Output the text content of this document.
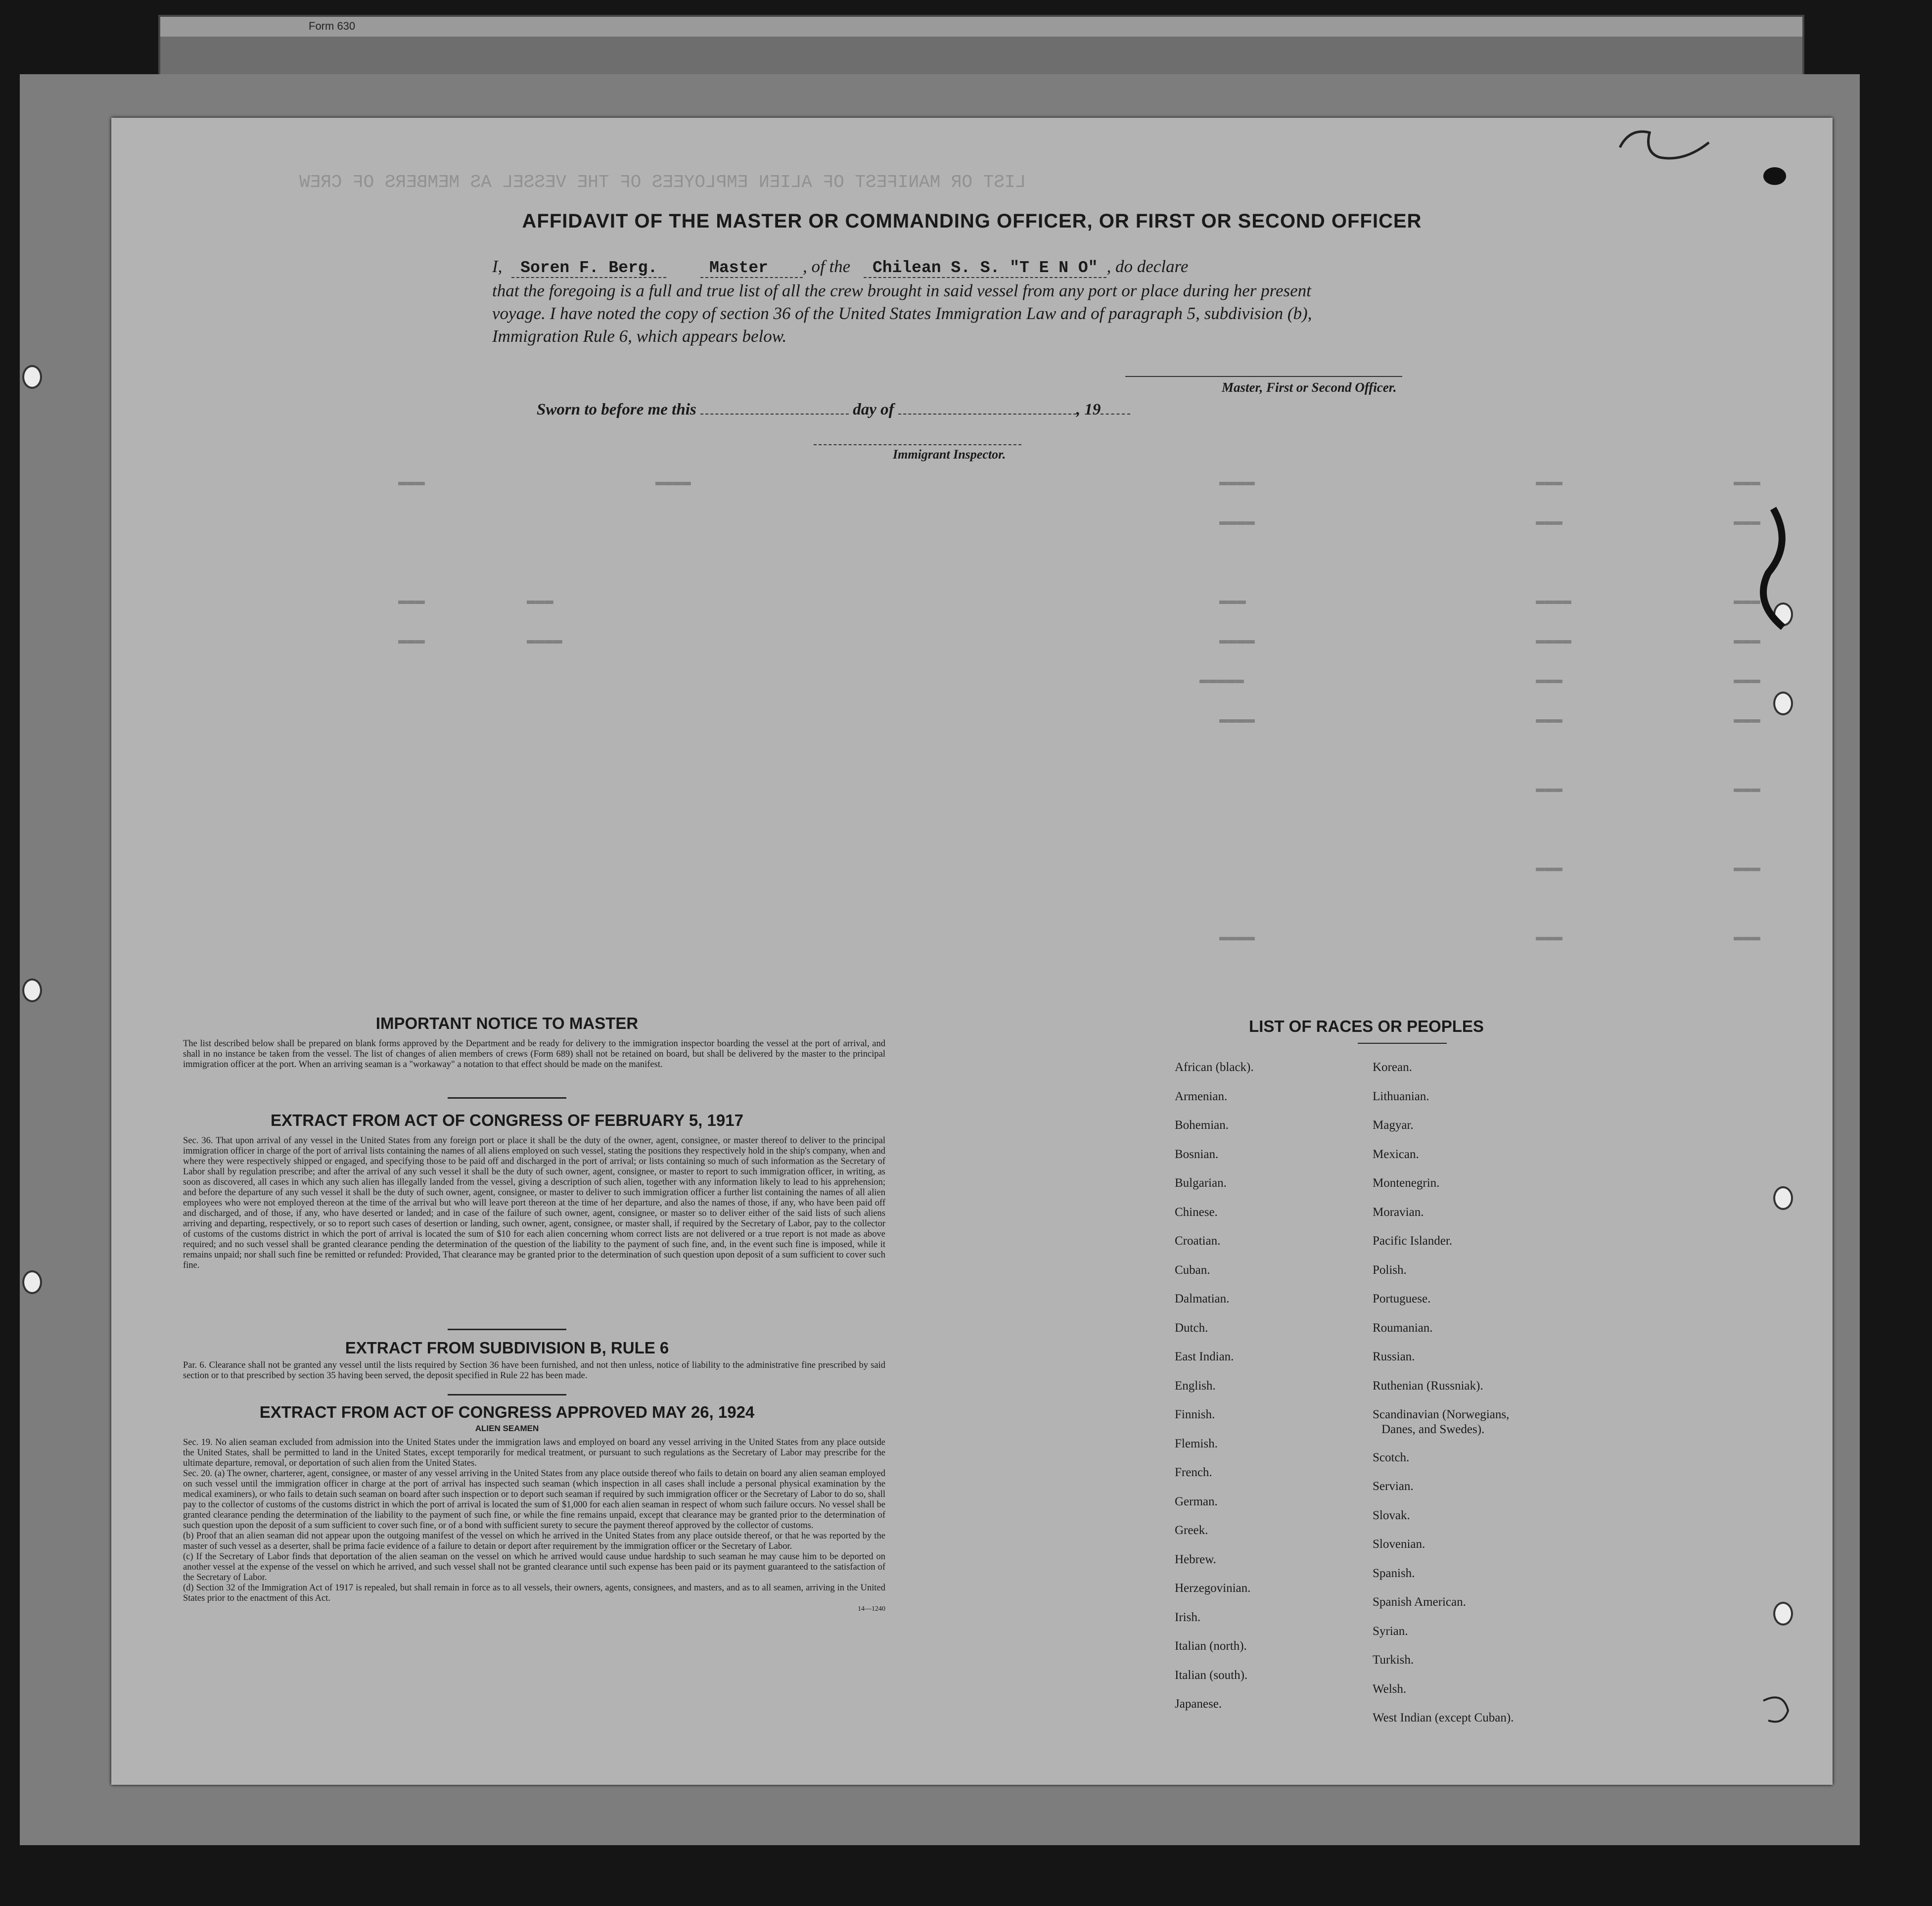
Form 630
LIST OR MANIFEST OF ALIEN EMPLOYEES OF THE VESSEL AS MEMBERS OF CREW
AFFIDAVIT OF THE MASTER OR COMMANDING OFFICER, OR FIRST OR SECOND OFFICER
I, Soren F. Berg.	Master , of the Chilean S. S. "T E N O" , do declare
that the foregoing is a full and true list of all the crew brought in said vessel from any port or place during her present
voyage. I have noted the copy of section 36 of the United States Immigration Law and of paragraph 5, subdivision (b),
Immigration Rule 6, which appears below.
Master, First or Second Officer.
Sworn to before me this	day of	, 19
Immigrant Inspector.
▬▬▬	▬▬▬▬	▬▬▬▬	▬▬▬	▬▬▬
▬▬▬▬	▬▬▬	▬▬▬
▬▬▬	▬▬▬	▬▬▬	▬▬▬▬	▬▬▬
▬▬▬	▬▬▬▬	▬▬▬▬	▬▬▬▬	▬▬▬
▬▬▬▬▬	▬▬▬	▬▬▬
▬▬▬▬	▬▬▬	▬▬▬
▬▬▬	▬▬▬
▬▬▬	▬▬▬
▬▬▬▬	▬▬▬	▬▬▬
IMPORTANT NOTICE TO MASTER
The list described below shall be prepared on blank forms approved by the Department and be ready for delivery to the immigration inspector boarding the vessel at the port of arrival, and shall in no instance be taken from the vessel. The list of changes of alien members of crews (Form 689) shall not be retained on board, but shall be delivered by the master to the principal immigration officer at the port. When an arriving seaman is a "workaway" a notation to that effect should be made on the manifest.
EXTRACT FROM ACT OF CONGRESS OF FEBRUARY 5, 1917
Sec. 36. That upon arrival of any vessel in the United States from any foreign port or place it shall be the duty of the owner, agent, consignee, or master thereof to deliver to the principal immigration officer in charge of the port of arrival lists containing the names of all aliens employed on such vessel, stating the positions they respectively hold in the ship's company, when and where they were respectively shipped or engaged, and specifying those to be paid off and discharged in the port of arrival; or lists containing so much of such information as the Secretary of Labor shall by regulation prescribe; and after the arrival of any such vessel it shall be the duty of such owner, agent, consignee, or master to report to such immigration officer, in writing, as soon as discovered, all cases in which any such alien has illegally landed from the vessel, giving a description of such alien, together with any information likely to lead to his apprehension; and before the departure of any such vessel it shall be the duty of such owner, agent, consignee, or master to deliver to such immigration officer a further list containing the names of all alien employees who were not employed thereon at the time of the arrival but who will leave port thereon at the time of her departure, and also the names of those, if any, who have been paid off and discharged, and of those, if any, who have deserted or landed; and in case of the failure of such owner, agent, consignee, or master so to deliver either of the said lists of such aliens arriving and departing, respectively, or so to report such cases of desertion or landing, such owner, agent, consignee, or master shall, if required by the Secretary of Labor, pay to the collector of customs of the customs district in which the port of arrival is located the sum of $10 for each alien concerning whom correct lists are not delivered or a true report is not made as above required; and no such vessel shall be granted clearance pending the determination of the question of the liability to the payment of such fine, and, in the event such fine is imposed, while it remains unpaid; nor shall such fine be remitted or refunded: Provided, That clearance may be granted prior to the determination of such question upon deposit of a sum sufficient to cover such fine.
EXTRACT FROM SUBDIVISION B, RULE 6
Par. 6. Clearance shall not be granted any vessel until the lists required by Section 36 have been furnished, and not then unless, notice of liability to the administrative fine prescribed by said section or to that prescribed by section 35 having been served, the deposit specified in Rule 22 has been made.
EXTRACT FROM ACT OF CONGRESS APPROVED MAY 26, 1924
ALIEN SEAMEN
Sec. 19. No alien seaman excluded from admission into the United States under the immigration laws and employed on board any vessel arriving in the United States from any place outside the United States, shall be permitted to land in the United States, except temporarily for medical treatment, or pursuant to such regulations as the Secretary of Labor may prescribe for the ultimate departure, removal, or deportation of such alien from the United States.
Sec. 20. (a) The owner, charterer, agent, consignee, or master of any vessel arriving in the United States from any place outside thereof who fails to detain on board any alien seaman employed on such vessel until the immigration officer in charge at the port of arrival has inspected such seaman (which inspection in all cases shall include a personal physical examination by the medical examiners), or who fails to detain such seaman on board after such inspection or to deport such seaman if required by such immigration officer or the Secretary of Labor to do so, shall pay to the collector of customs of the customs district in which the port of arrival is located the sum of $1,000 for each alien seaman in respect of whom such failure occurs. No vessel shall be granted clearance pending the determination of the liability to the payment of such fine, or while the fine remains unpaid, except that clearance may be granted prior to the determination of such question upon the deposit of a sum sufficient to cover such fine, or of a bond with sufficient surety to secure the payment thereof approved by the collector of customs.
(b) Proof that an alien seaman did not appear upon the outgoing manifest of the vessel on which he arrived in the United States from any place outside thereof, or that he was reported by the master of such vessel as a deserter, shall be prima facie evidence of a failure to detain or deport after requirement by the immigration officer or the Secretary of Labor.
(c) If the Secretary of Labor finds that deportation of the alien seaman on the vessel on which he arrived would cause undue hardship to such seaman he may cause him to be deported on another vessel at the expense of the vessel on which he arrived, and such vessel shall not be granted clearance until such expense has been paid or its payment guaranteed to the satisfaction of the Secretary of Labor.
(d) Section 32 of the Immigration Act of 1917 is repealed, but shall remain in force as to all vessels, their owners, agents, consignees, and masters, and as to all seamen, arriving in the United States prior to the enactment of this Act.
14—1240
LIST OF RACES OR PEOPLES
African (black).
Armenian.
Bohemian.
Bosnian.
Bulgarian.
Chinese.
Croatian.
Cuban.
Dalmatian.
Dutch.
East Indian.
English.
Finnish.
Flemish.
French.
German.
Greek.
Hebrew.
Herzegovinian.
Irish.
Italian (north).
Italian (south).
Japanese.
Korean.
Lithuanian.
Magyar.
Mexican.
Montenegrin.
Moravian.
Pacific Islander.
Polish.
Portuguese.
Roumanian.
Russian.
Ruthenian (Russniak).
Scandinavian (Norwegians,
Danes, and Swedes).
Scotch.
Servian.
Slovak.
Slovenian.
Spanish.
Spanish American.
Syrian.
Turkish.
Welsh.
West Indian (except Cuban).
